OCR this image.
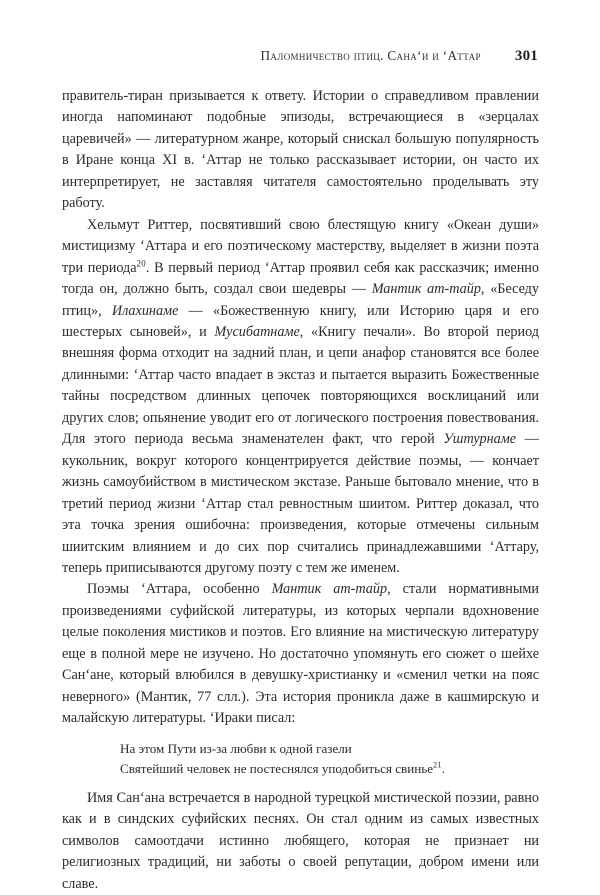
Паломничество птиц. Сана‘и и ‘Аттар 301

правитель-тиран призывается к ответу. Истории о справедливом правлении иногда напоминают подобные эпизоды, встречающиеся в «зерцалах царевичей» — литературном жанре, который снискал большую популярность в Иране конца XI в. ‘Аттар не только рассказывает истории, он часто их интерпретирует, не заставляя читателя самостоятельно проделывать эту работу.

Хельмут Риттер, посвятивший свою блестящую книгу «Океан души» мистицизму ‘Аттара и его поэтическому мастерству, выделяет в жизни поэта три периода$^{20}$. В первый период ‘Аттар проявил себя как рассказчик; именно тогда он, должно быть, создал свои шедевры — Мантик ат-тайр, «Беседу птиц», Илахинаме — «Божественную книгу, или Историю царя и его шестерых сыновей», и Мусибатнаме, «Книгу печали». Во второй период внешняя форма отходит на задний план, и цепи анафор становятся все более длинными: ‘Аттар часто впадает в экстаз и пытается выразить Божественные тайны посредством длинных цепочек повторяющихся восклицаний или других слов; опьянение уводит его от логического построения повествования. Для этого периода весьма знаменателен факт, что герой Уштурнаме — кукольник, вокруг которого концентрируется действие поэмы, — кончает жизнь самоубийством в мистическом экстазе. Раньше бытовало мнение, что в третий период жизни ‘Аттар стал ревностным шиитом. Риттер доказал, что эта точка зрения ошибочна: произведения, которые отмечены сильным шиитским влиянием и до сих пор считались принадлежавшими ‘Аттару, теперь приписываются другому поэту с тем же именем.

Поэмы ‘Аттара, особенно Мантик ат-тайр, стали нормативными произведениями суфийской литературы, из которых черпали вдохновение целые поколения мистиков и поэтов. Его влияние на мистическую литературу еще в полной мере не изучено. Но достаточно упомянуть его сюжет о шейхе Сан‘ане, который влюбился в девушку-христианку и «сменил четки на пояс неверного» (Мантик, 77 слл.). Эта история проникла даже в кашмирскую и малайскую литературы. ‘Ираки писал:

На этом Пути из-за любви к одной газели
Святейший человек не постеснялся уподобиться свинье$^{21}$.

Имя Сан‘ана встречается в народной турецкой мистической поэзии, равно как и в синдских суфийских песнях. Он стал одним из самых известных символов самоотдачи истинно любящего, которая не признает ни религиозных традиций, ни заботы о своей репутации, добром имени или славе.
